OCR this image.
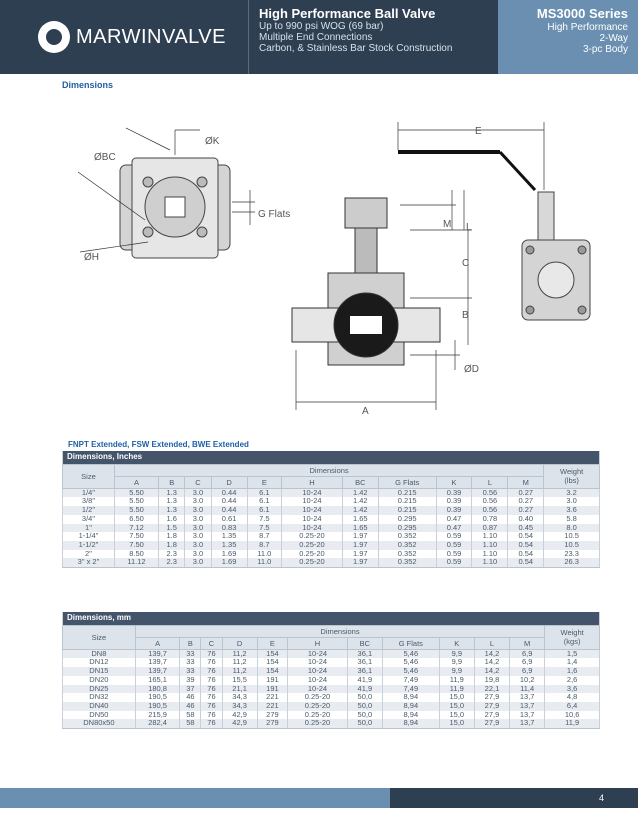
MARWINVALVE
High Performance Ball Valve
Up to 990 psi WOG (69 bar)
Multiple End Connections
Carbon, & Stainless Bar Stock Construction
MS3000 Series
High Performance
2-Way
3-pc Body
Dimensions
ØK
ØBC
G Flats
ØH
M L
C
B
ØD
A
E
FNPT Extended, FSW Extended, BWE Extended
Dimensions, Inches												
Size	Dimensions											Weight
(lbs)
	A	B	C	D	E	H	BC	G Flats	K	L	M	
1/4"	5.50	1.3	3.0	0.44	6.1	10-24	1.42	0.215	0.39	0.56	0.27	3.2
3/8"	5.50	1.3	3.0	0.44	6.1	10-24	1.42	0.215	0.39	0.56	0.27	3.0
1/2"	5.50	1.3	3.0	0.44	6.1	10-24	1.42	0.215	0.39	0.56	0.27	3.6
3/4"	6.50	1.6	3.0	0.61	7.5	10-24	1.65	0.295	0.47	0.78	0.40	5.8
1"	7.12	1.5	3.0	0.83	7.5	10-24	1.65	0.295	0.47	0.87	0.45	8.0
1-1/4"	7.50	1.8	3.0	1.35	8.7	0.25-20	1.97	0.352	0.59	1.10	0.54	10.5
1-1/2"	7.50	1.8	3.0	1.35	8.7	0.25-20	1.97	0.352	0.59	1.10	0.54	10.5
2"	8.50	2.3	3.0	1.69	11.0	0.25-20	1.97	0.352	0.59	1.10	0.54	23.3
3" x 2"	11.12	2.3	3.0	1.69	11.0	0.25-20	1.97	0.352	0.59	1.10	0.54	26.3
Dimensions, mm												
Size	Dimensions											Weight
(kgs)
	A	B	C	D	E	H	BC	G Flats	K	L	M	
DN8	139,7	33	76	11,2	154	10-24	36,1	5,46	9,9	14,2	6,9	1,5
DN12	139,7	33	76	11,2	154	10-24	36,1	5,46	9,9	14,2	6,9	1,4
DN15	139,7	33	76	11,2	154	10-24	36,1	5,46	9,9	14,2	6,9	1,6
DN20	165,1	39	76	15,5	191	10-24	41,9	7,49	11,9	19,8	10,2	2,6
DN25	180,8	37	76	21,1	191	10-24	41,9	7,49	11,9	22,1	11,4	3,6
DN32	190,5	46	76	34,3	221	0.25-20	50,0	8,94	15,0	27,9	13,7	4,8
DN40	190,5	46	76	34,3	221	0.25-20	50,0	8,94	15,0	27,9	13,7	6,4
DN50	215,9	58	76	42,9	279	0.25-20	50,0	8,94	15,0	27,9	13,7	10,6
DN80x50	282,4	58	76	42,9	279	0.25-20	50,0	8,94	15,0	27,9	13,7	11,9
4
